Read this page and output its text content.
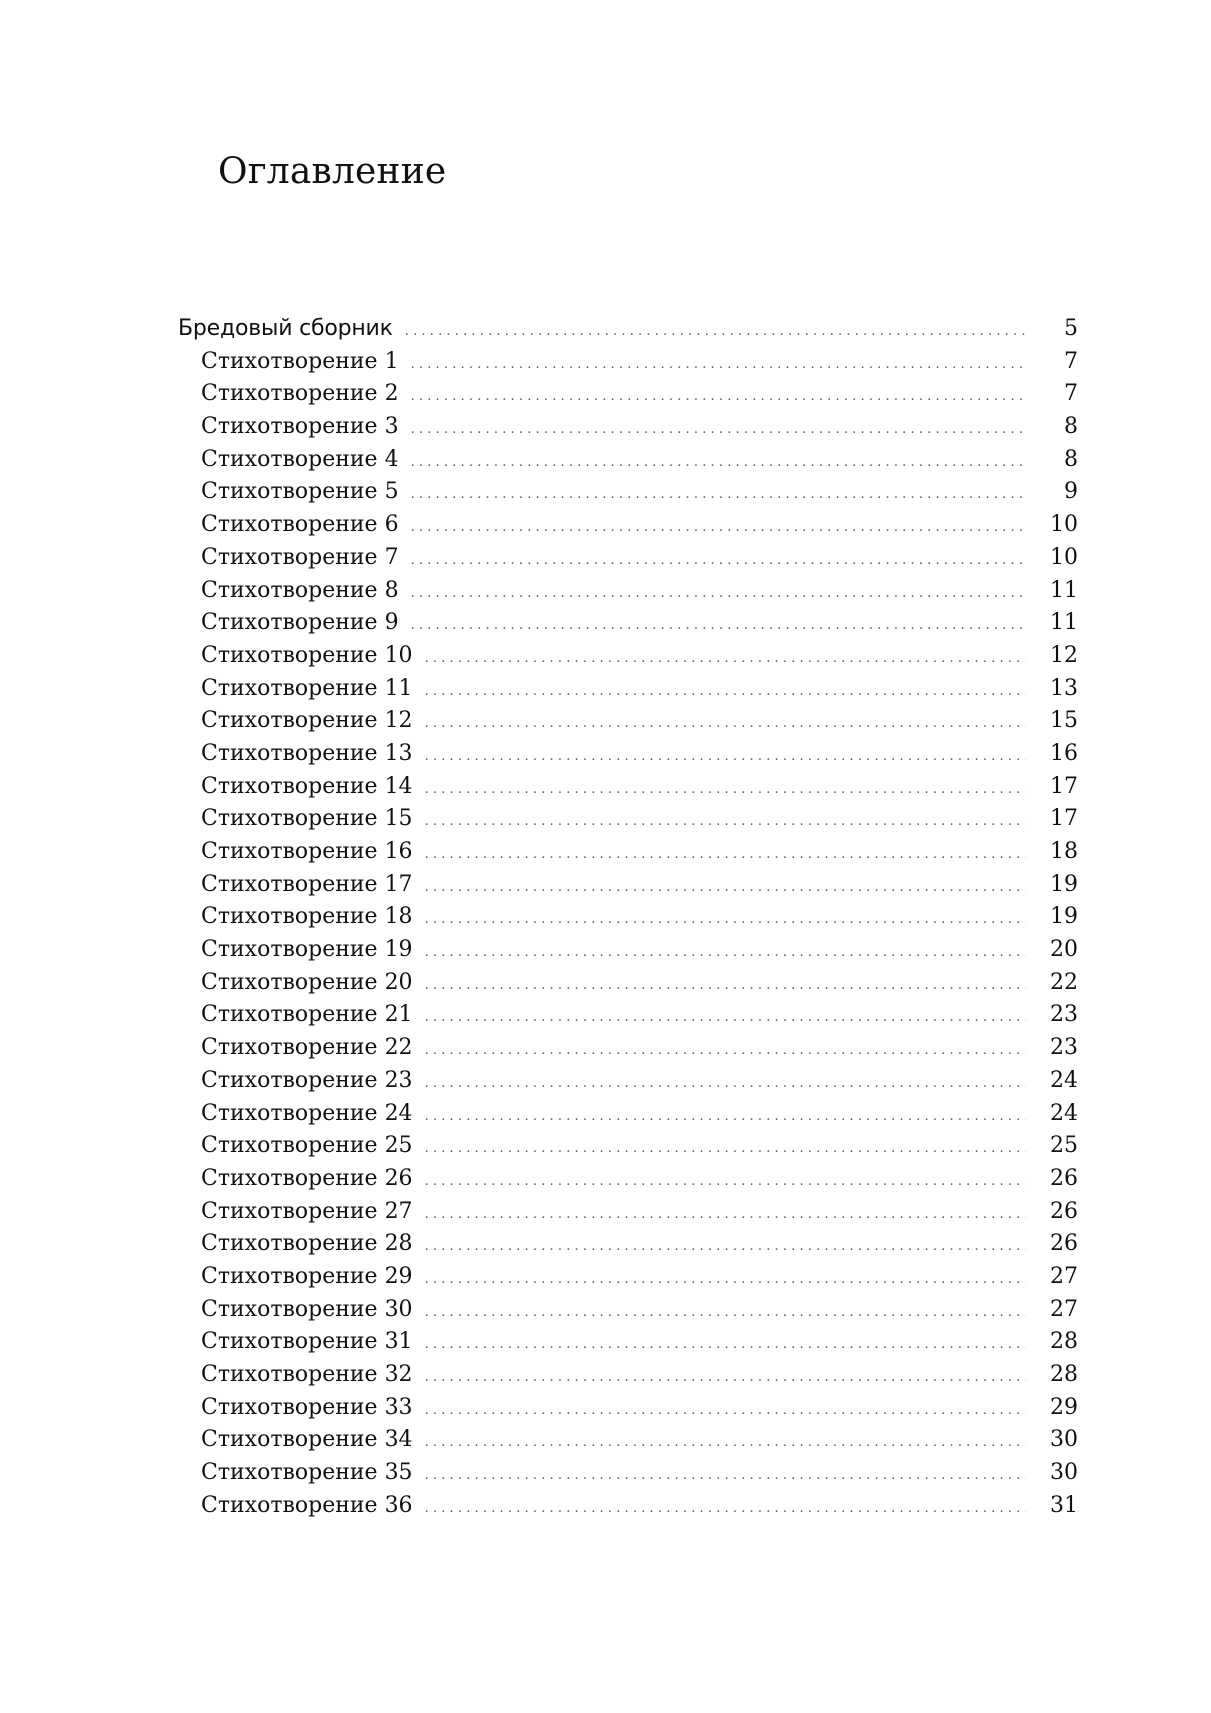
Оглавление
Бредовый сборник .....	5
Стихотворение 1 .....	7
Стихотворение 2 .....	7
Стихотворение 3 .....	8
Стихотворение 4 .....	8
Стихотворение 5 .....	9
Стихотворение 6 .....	10
Стихотворение 7 .....	10
Стихотворение 8 .....	11
Стихотворение 9 .....	11
Стихотворение 10 .....	12
Стихотворение 11 .....	13
Стихотворение 12 .....	15
Стихотворение 13 .....	16
Стихотворение 14 .....	17
Стихотворение 15 .....	17
Стихотворение 16 .....	18
Стихотворение 17 .....	19
Стихотворение 18 .....	19
Стихотворение 19 .....	20
Стихотворение 20 .....	22
Стихотворение 21 .....	23
Стихотворение 22 .....	23
Стихотворение 23 .....	24
Стихотворение 24 .....	24
Стихотворение 25 .....	25
Стихотворение 26 .....	26
Стихотворение 27 .....	26
Стихотворение 28 .....	26
Стихотворение 29 .....	27
Стихотворение 30 .....	27
Стихотворение 31 .....	28
Стихотворение 32 .....	28
Стихотворение 33 .....	29
Стихотворение 34 .....	30
Стихотворение 35 .....	30
Стихотворение 36 .....	31
